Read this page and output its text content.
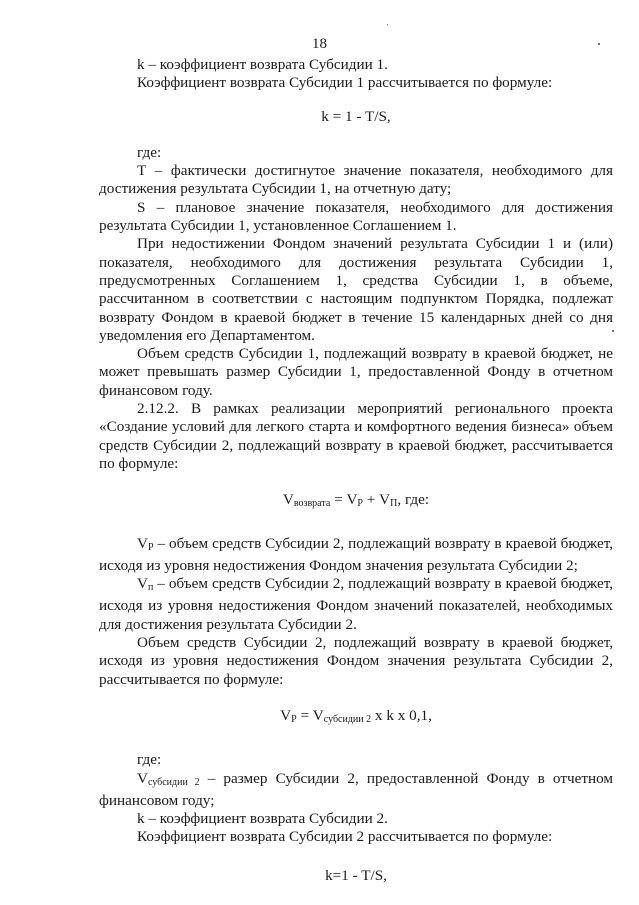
18

k – коэффициент возврата Субсидии 1.

Коэффициент возврата Субсидии 1 рассчитывается по формуле:

k = 1 - T/S,

где:

Т – фактически достигнутое значение показателя, необходимого для достижения результата Субсидии 1, на отчетную дату;

S – плановое значение показателя, необходимого для достижения результата Субсидии 1, установленное Соглашением 1.

При недостижении Фондом значений результата Субсидии 1 и (или) показателя, необходимого для достижения результата Субсидии 1, предусмотренных Соглашением 1, средства Субсидии 1, в объеме, рассчитанном в соответствии с настоящим подпунктом Порядка, подлежат возврату Фондом в краевой бюджет в течение 15 календарных дней со дня уведомления его Департаментом.

Объем средств Субсидии 1, подлежащий возврату в краевой бюджет, не может превышать размер Субсидии 1, предоставленной Фонду в отчетном финансовом году.

2.12.2. В рамках реализации мероприятий регионального проекта «Создание условий для легкого старта и комфортного ведения бизнеса» объем средств Субсидии 2, подлежащий возврату в краевой бюджет, рассчитывается по формуле:

$V_{возврата} = V_Р + V_П$, где:

$V_Р$ – объем средств Субсидии 2, подлежащий возврату в краевой бюджет, исходя из уровня недостижения Фондом значения результата Субсидии 2;

$V_п$ – объем средств Субсидии 2, подлежащий возврату в краевой бюджет, исходя из уровня недостижения Фондом значений показателей, необходимых для достижения результата Субсидии 2.

Объем средств Субсидии 2, подлежащий возврату в краевой бюджет, исходя из уровня недостижения Фондом значения результата Субсидии 2, рассчитывается по формуле:

$V_Р = V_{субсидии 2}$ x k x 0,1,

где:

$V_{субсидии 2}$ – размер Субсидии 2, предоставленной Фонду в отчетном финансовом году;

k – коэффициент возврата Субсидии 2.

Коэффициент возврата Субсидии 2 рассчитывается по формуле:

k=1 - T/S,
